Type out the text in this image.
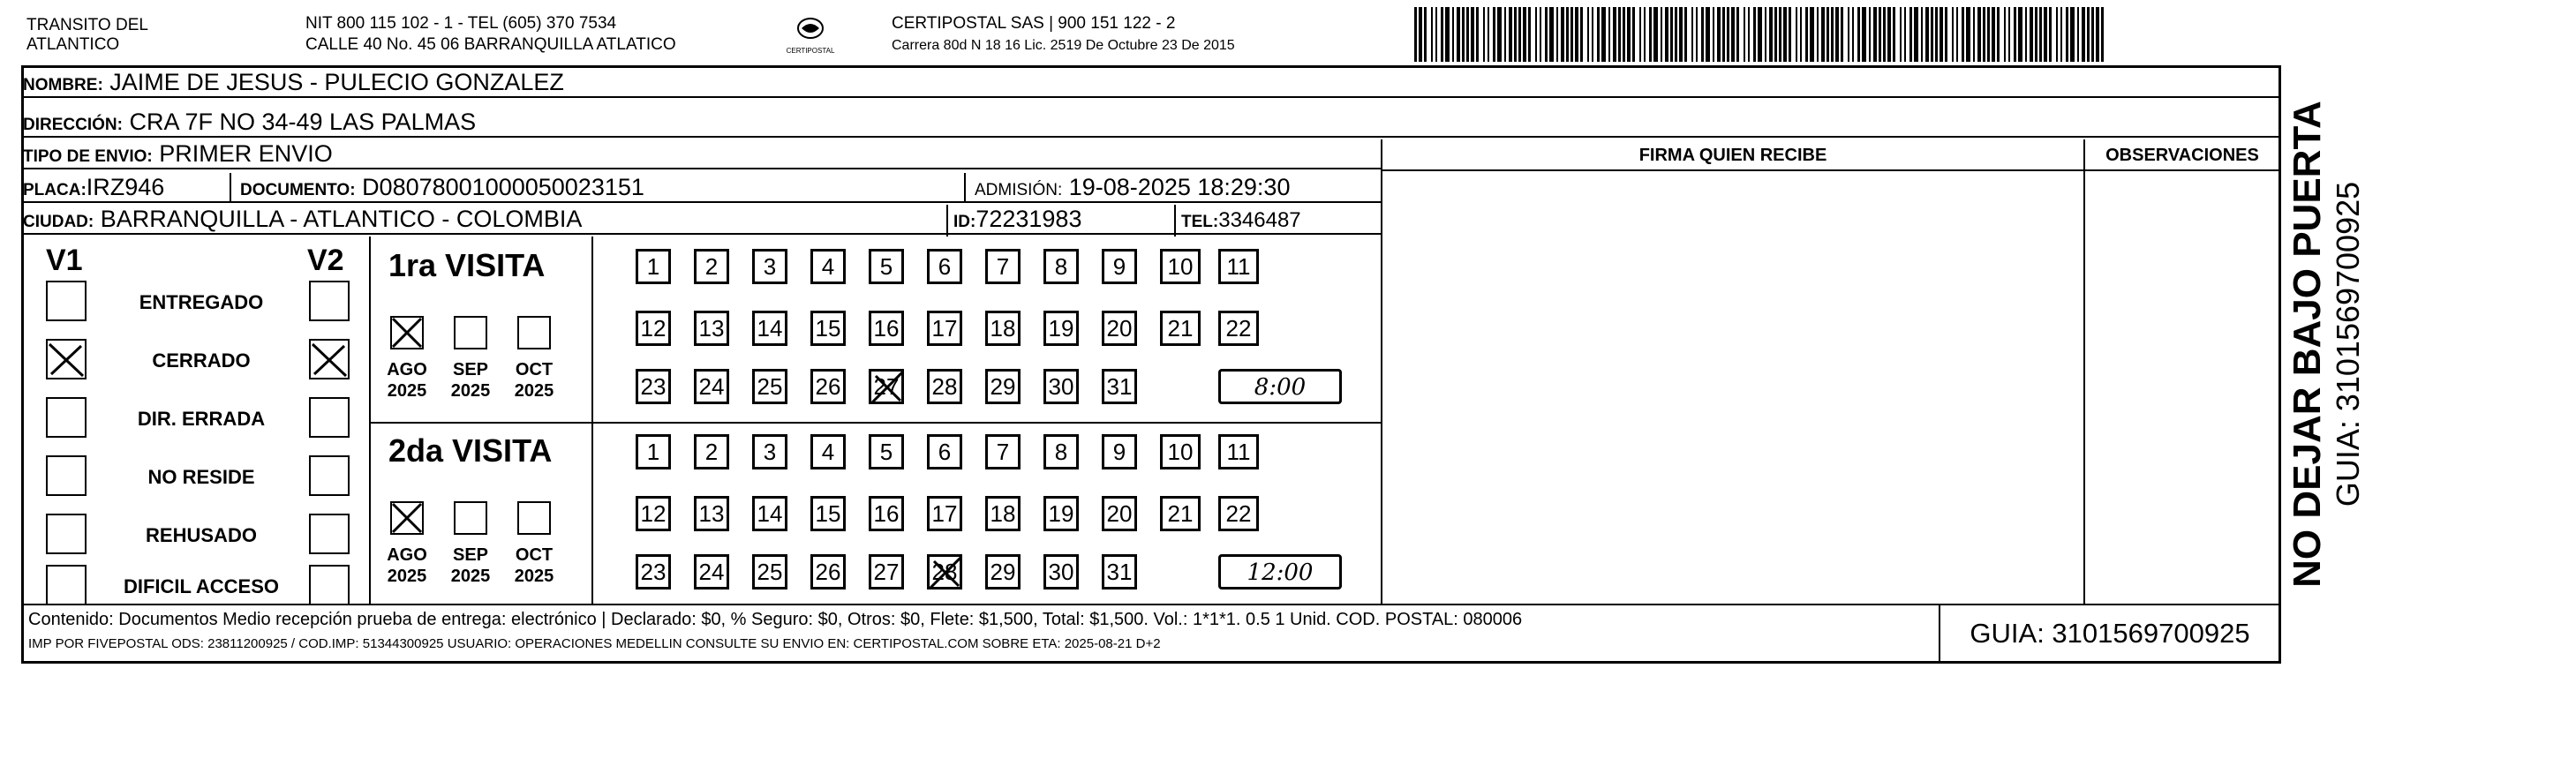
TRANSITO DEL
ATLANTICO
NIT 800 115 102 - 1 - TEL (605) 370 7534
CALLE 40 No. 45 06 BARRANQUILLA ATLATICO	CERTIPOSTAL
CERTIPOSTAL SAS | 900 151 122 - 2
Carrera 80d N 18 16 Lic. 2519 De Octubre 23 De 2015
NOMBRE: JAIME DE JESUS - PULECIO GONZALEZ
DIRECCIÓN: CRA 7F NO 34-49 LAS PALMAS
TIPO DE ENVIO: PRIMER ENVIO
PLACA:IRZ946	DOCUMENTO: D08078001000050023151	ADMISIÓN: 19-08-2025 18:29:30
CIUDAD: BARRANQUILLA - ATLANTICO - COLOMBIA	ID:72231983	TEL:3346487
FIRMA QUIEN RECIBE	OBSERVACIONES
V1	V2
ENTREGADO
CERRADO
DIR. ERRADA
NO RESIDE
REHUSADO
DIFICIL ACCESO
1ra VISITA
AGO
2025
SEP
2025
OCT
2025
1	2	3	4	5	6	7	8	9	10	11
12 13 14 15 16 17 18 19 20	21	22
23 24 25 26 27 28 29 30 31	8:00
2da VISITA
AGO
2025
SEP
2025
OCT
2025
1	2	3	4	5	6	7	8	9	10	11
12 13 14 15 16 17 18 19 20	21	22
23 24 25 26 27 28 29 30 31	12:00
Contenido: Documentos Medio recepción prueba de entrega: electrónico | Declarado: $0, % Seguro: $0, Otros: $0, Flete: $1,500, Total: $1,500. Vol.: 1*1*1. 0.5 1 Unid. COD. POSTAL: 080006
IMP POR FIVEPOSTAL ODS: 23811200925 / COD.IMP: 51344300925 USUARIO: OPERACIONES MEDELLIN CONSULTE SU ENVIO EN: CERTIPOSTAL.COM SOBRE ETA: 2025-08-21 D+2	GUIA: 3101569700925
NO DEJAR BAJO PUERTA GUIA: 3101569700925
